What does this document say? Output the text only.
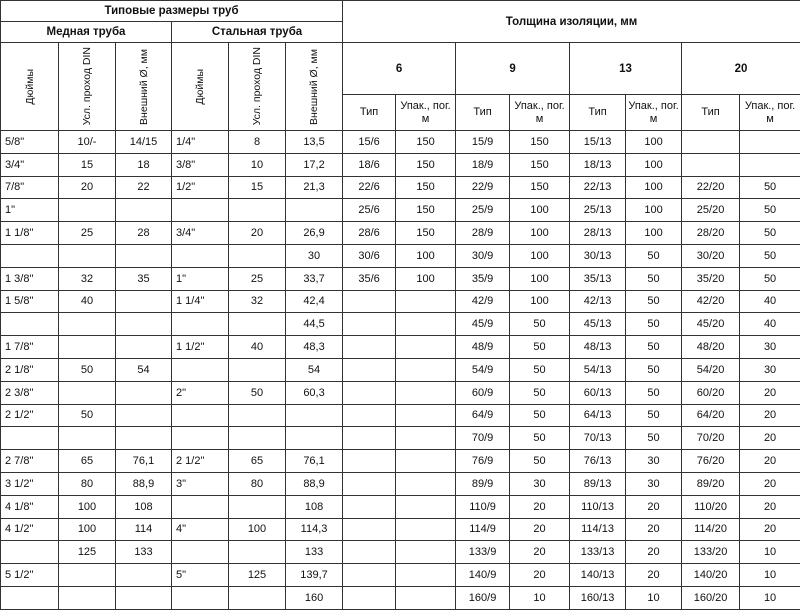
Типовые размеры труб						Толщина изоляции, мм							
Медная труба			Стальная труба										

Дюймы	Усл. проход DIN	Внешний Ø, мм	Дюймы	Усл. проход DIN	Внешний Ø, мм	6		9		13		20	
						Тип	Упак., пог. м	Тип	Упак., пог. м	Тип	Упак., пог. м	Тип	Упак., пог. м
5/8"	10/-	14/15	1/4"	8	13,5	15/6	150	15/9	150	15/13	100		
3/4"	15	18	3/8"	10	17,2	18/6	150	18/9	150	18/13	100		
7/8"	20	22	1/2"	15	21,3	22/6	150	22/9	150	22/13	100	22/20	50
1"						25/6	150	25/9	100	25/13	100	25/20	50
1 1/8"	25	28	3/4"	20	26,9	28/6	150	28/9	100	28/13	100	28/20	50
					30	30/6	100	30/9	100	30/13	50	30/20	50
1 3/8"	32	35	1"	25	33,7	35/6	100	35/9	100	35/13	50	35/20	50
1 5/8"	40		1 1/4"	32	42,4			42/9	100	42/13	50	42/20	40
					44,5			45/9	50	45/13	50	45/20	40
1 7/8"			1 1/2"	40	48,3			48/9	50	48/13	50	48/20	30
2 1/8"	50	54			54			54/9	50	54/13	50	54/20	30
2 3/8"			2"	50	60,3			60/9	50	60/13	50	60/20	20
2 1/2"	50							64/9	50	64/13	50	64/20	20
								70/9	50	70/13	50	70/20	20
2 7/8"	65	76,1	2 1/2"	65	76,1			76/9	50	76/13	30	76/20	20
3 1/2"	80	88,9	3"	80	88,9			89/9	30	89/13	30	89/20	20
4 1/8"	100	108			108			110/9	20	110/13	20	110/20	20
4 1/2"	100	114	4"	100	114,3			114/9	20	114/13	20	114/20	20
	125	133			133			133/9	20	133/13	20	133/20	10
5 1/2"			5"	125	139,7			140/9	20	140/13	20	140/20	10
					160			160/9	10	160/13	10	160/20	10
